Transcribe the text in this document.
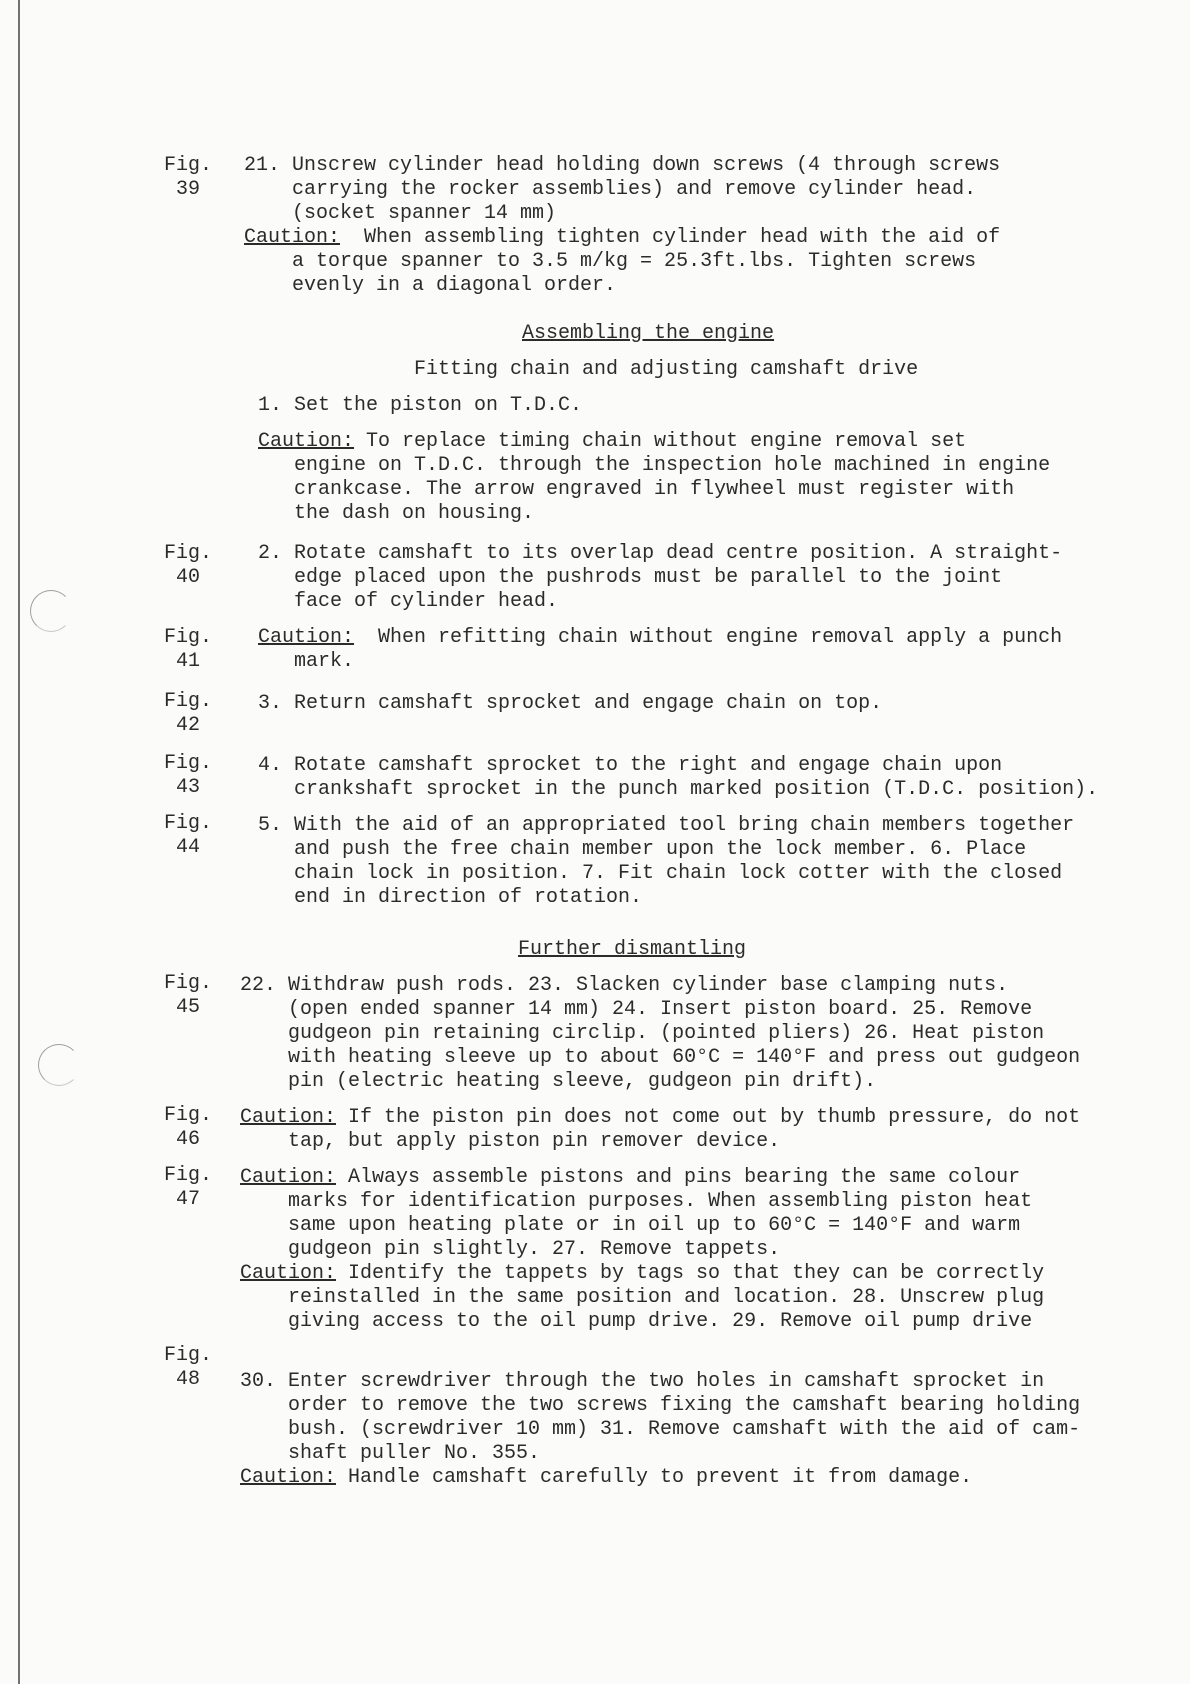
Fig.
39
Fig.
40
Fig.
41
Fig.
42
Fig.
43
Fig.
44
Fig.
45
Fig.
46
Fig.
47
Fig.
48
21. Unscrew cylinder head holding down screws (4 through screws
carrying the rocker assemblies) and remove cylinder head.
(socket spanner 14 mm)
Caution: When assembling tighten cylinder head with the aid of
a torque spanner to 3.5 m/kg = 25.3ft.lbs. Tighten screws
evenly in a diagonal order.
Assembling the engine
Fitting chain and adjusting camshaft drive
1. Set the piston on T.D.C.
Caution: To replace timing chain without engine removal set
engine on T.D.C. through the inspection hole machined in engine
crankcase. The arrow engraved in flywheel must register with
the dash on housing.
2. Rotate camshaft to its overlap dead centre position. A straight-
edge placed upon the pushrods must be parallel to the joint
face of cylinder head.
Caution: When refitting chain without engine removal apply a punch
mark.
3. Return camshaft sprocket and engage chain on top.
4. Rotate camshaft sprocket to the right and engage chain upon
crankshaft sprocket in the punch marked position (T.D.C. position).
5. With the aid of an appropriated tool bring chain members together
and push the free chain member upon the lock member. 6. Place
chain lock in position. 7. Fit chain lock cotter with the closed
end in direction of rotation.
Further dismantling
22. Withdraw push rods. 23. Slacken cylinder base clamping nuts.
(open ended spanner 14 mm) 24. Insert piston board. 25. Remove
gudgeon pin retaining circlip. (pointed pliers) 26. Heat piston
with heating sleeve up to about 60°C = 140°F and press out gudgeon
pin (electric heating sleeve, gudgeon pin drift).
Caution: If the piston pin does not come out by thumb pressure, do not
tap, but apply piston pin remover device.
Caution: Always assemble pistons and pins bearing the same colour
marks for identification purposes. When assembling piston heat
same upon heating plate or in oil up to 60°C = 140°F and warm
gudgeon pin slightly. 27. Remove tappets.
Caution: Identify the tappets by tags so that they can be correctly
reinstalled in the same position and location. 28. Unscrew plug
giving access to the oil pump drive. 29. Remove oil pump drive
30. Enter screwdriver through the two holes in camshaft sprocket in
order to remove the two screws fixing the camshaft bearing holding
bush. (screwdriver 10 mm) 31. Remove camshaft with the aid of cam-
shaft puller No. 355.
Caution: Handle camshaft carefully to prevent it from damage.
